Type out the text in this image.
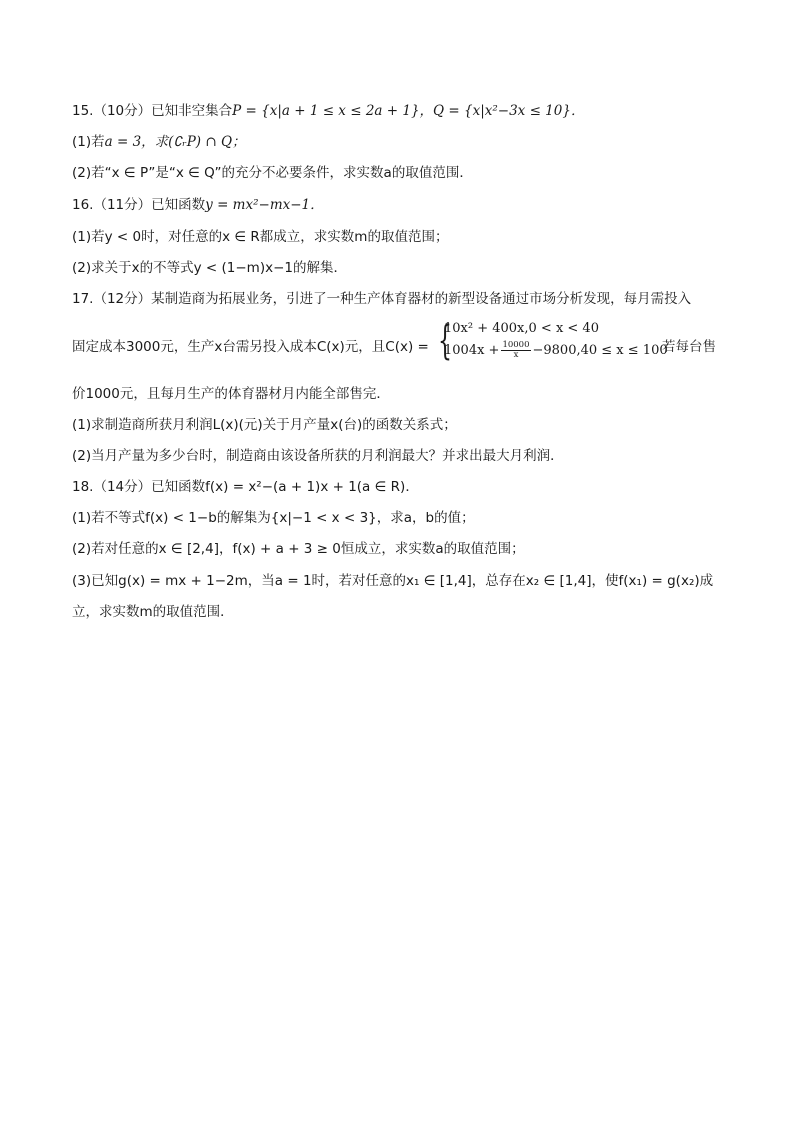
15.（10分）已知非空集合P = {x|a + 1 ≤ x ≤ 2a + 1}，Q = {x|x²−3x ≤ 10}．
(1)若a = 3，求(∁ᵣP) ∩ Q；
(2)若“x ∈ P”是“x ∈ Q”的充分不必要条件，求实数a的取值范围．
16.（11分）已知函数y = mx²−mx−1．
(1)若y < 0时，对任意的x ∈ R都成立，求实数m的取值范围；
(2)求关于x的不等式y < (1−m)x−1的解集．
17.（12分）某制造商为拓展业务，引进了一种生产体育器材的新型设备通过市场分析发现，每月需投入
固定成本3000元，生产x台需另投入成本C(x)元，且C(x) = {
10x² + 400x,0 < x < 40
$1004x + \frac{10000}{x} -9800,40 \le x \le 100$
若每台售
价1000元，且每月生产的体育器材月内能全部售完．
(1)求制造商所获月利润L(x)(元)关于月产量x(台)的函数关系式；
(2)当月产量为多少台时，制造商由该设备所获的月利润最大？并求出最大月利润．
18.（14分）已知函数f(x) = x²−(a + 1)x + 1(a ∈ R)．
(1)若不等式f(x) < 1−b的解集为{x|−1 < x < 3}，求a，b的值；
(2)若对任意的x ∈ [2,4]，f(x) + a + 3 ≥ 0恒成立，求实数a的取值范围；
(3)已知g(x) = mx + 1−2m，当a = 1时，若对任意的x₁ ∈ [1,4]，总存在x₂ ∈ [1,4]，使f(x₁) = g(x₂)成
立，求实数m的取值范围．
